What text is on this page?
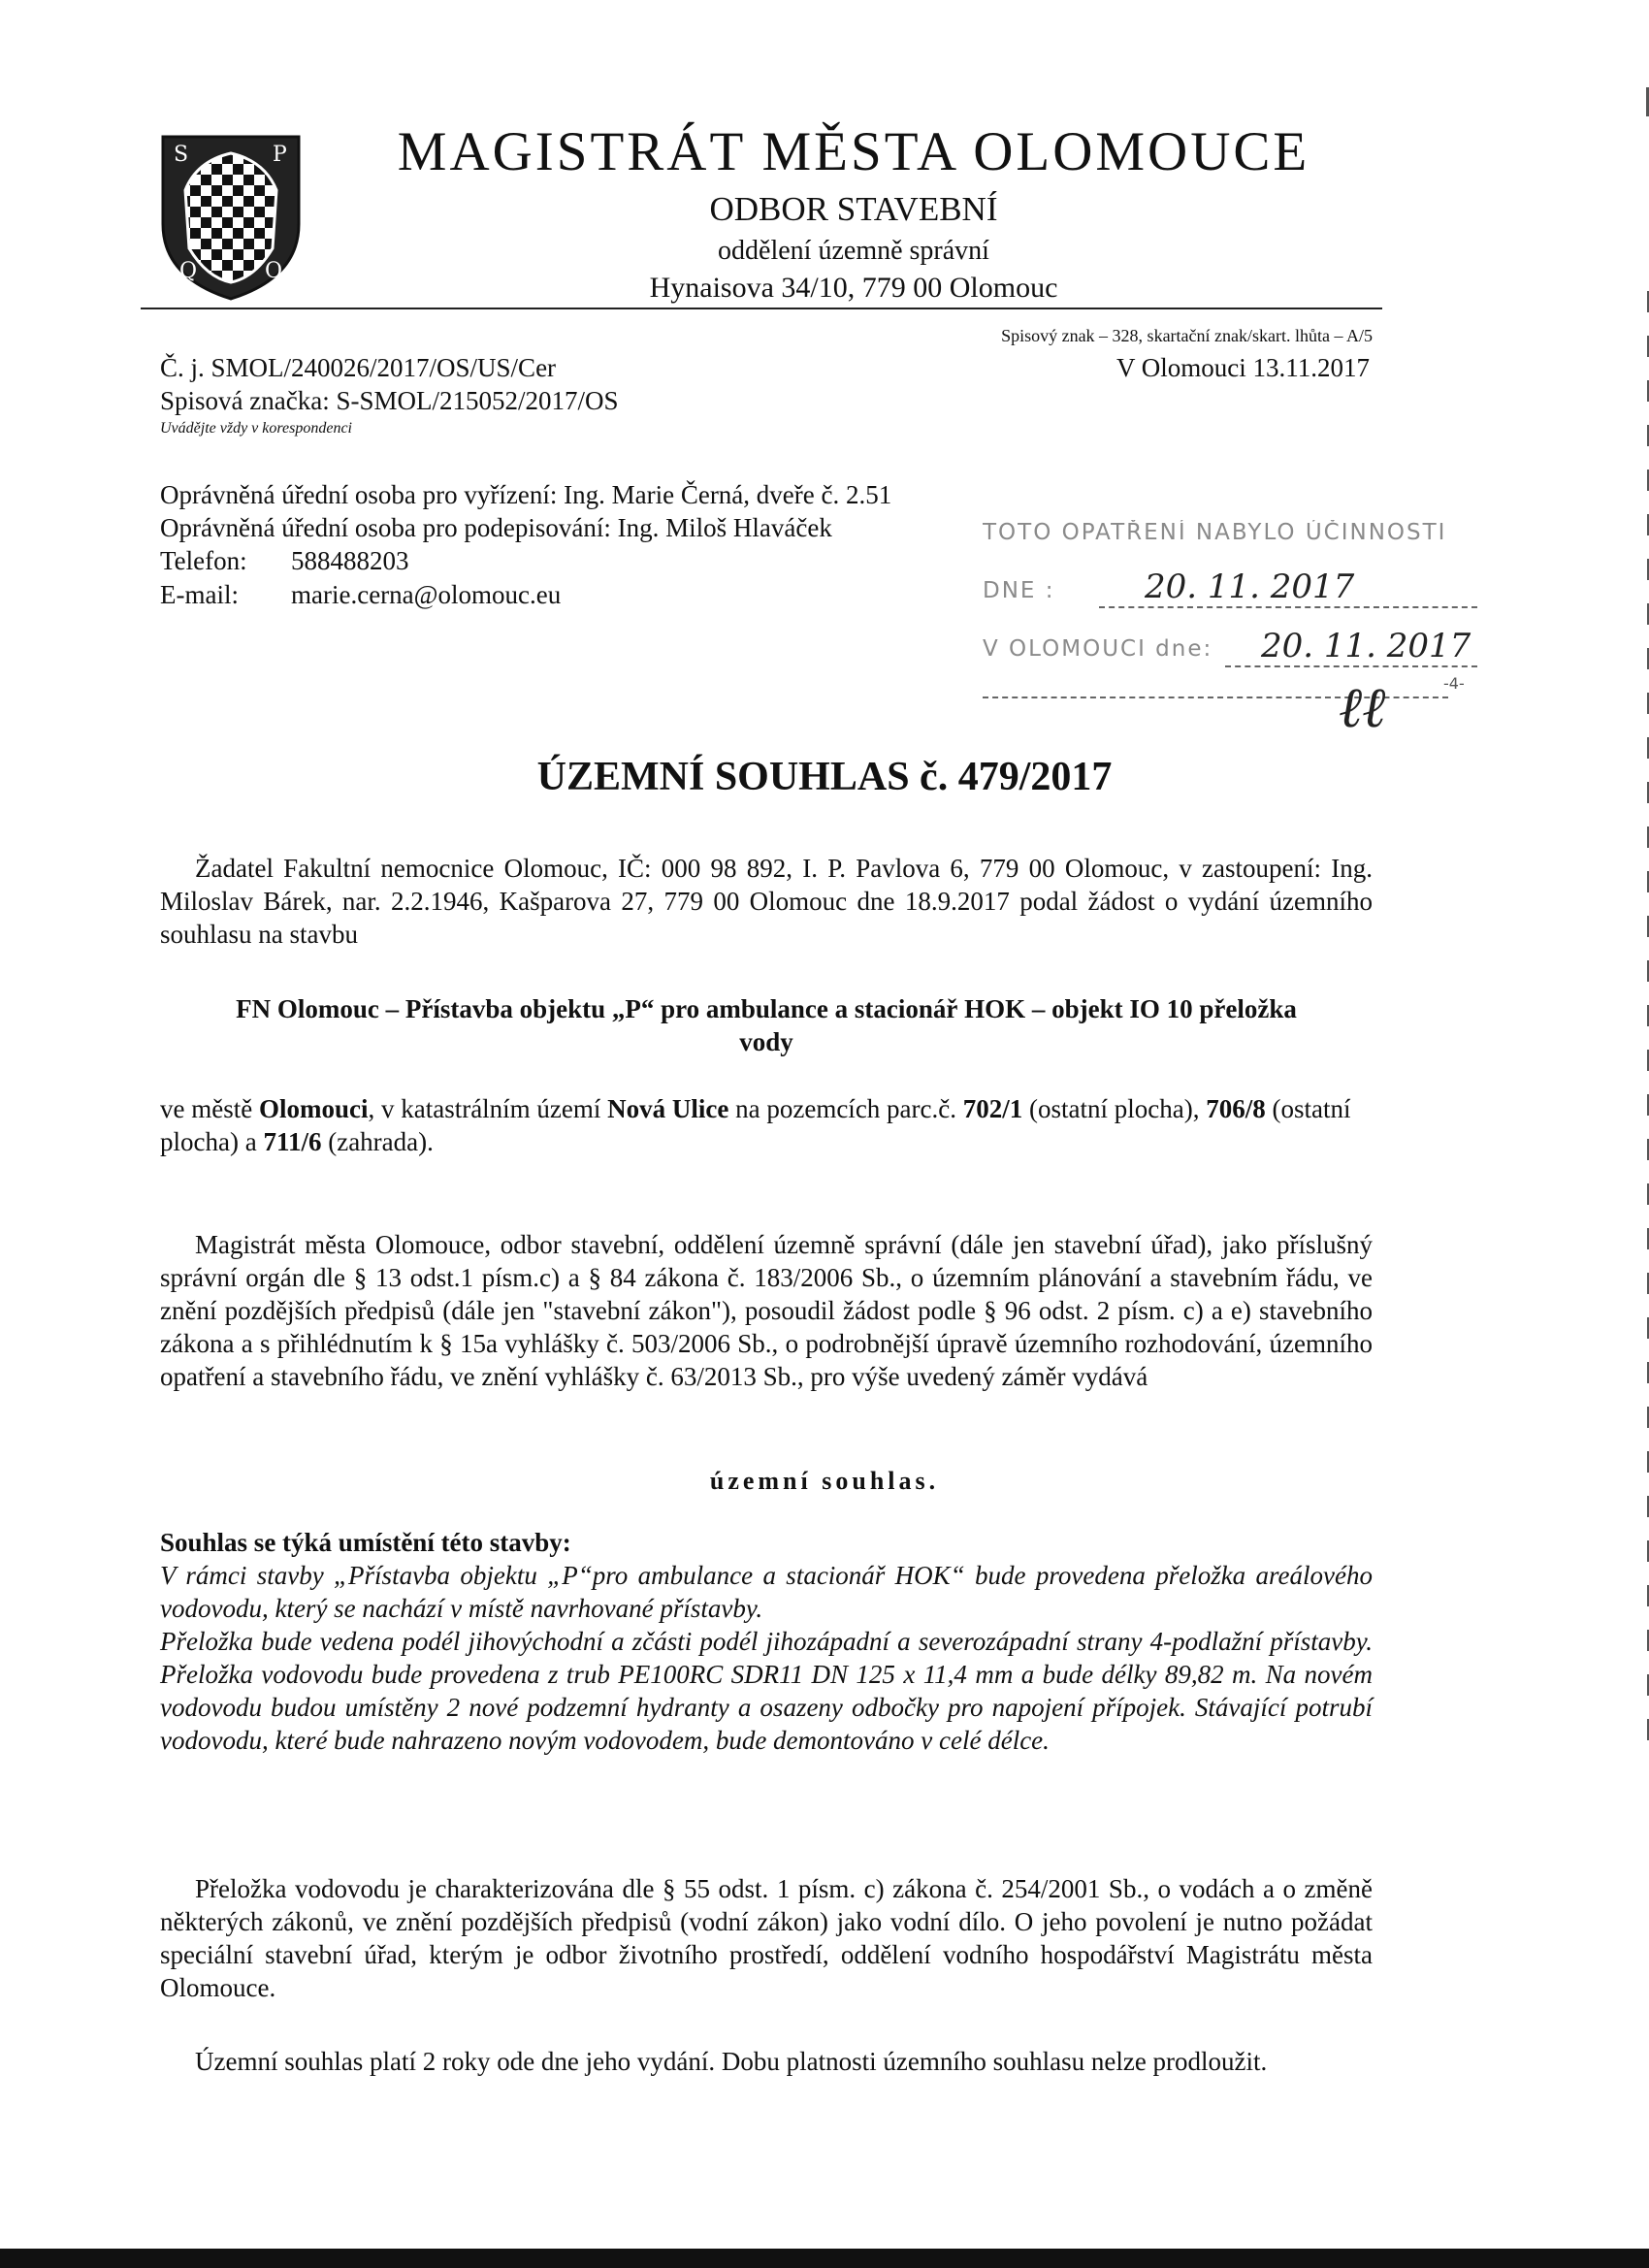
S	P
Q	O
MAGISTRÁT MĚSTA OLOMOUCE
ODBOR STAVEBNÍ
oddělení územně správní
Hynaisova 34/10, 779 00 Olomouc
Spisový znak – 328, skartační znak/skart. lhůta – A/5
Č. j. SMOL/240026/2017/OS/US/Cer	V Olomouci 13.11.2017
Spisová značka: S-SMOL/215052/2017/OS
Uvádějte vždy v korespondenci
Oprávněná úřední osoba pro vyřízení: Ing. Marie Černá, dveře č. 2.51
Oprávněná úřední osoba pro podepisování: Ing. Miloš Hlaváček
Telefon: 588488203
E-mail: marie.cerna@olomouc.eu
TOTO OPATŘENÍ NABYLO ÚČINNOSTI
DNE :	20. 11. 2017
V OLOMOUCI dne: 20. 11. 2017
-4-
ℓℓ
ÚZEMNÍ SOUHLAS č. 479/2017

Žadatel Fakultní nemocnice Olomouc, IČ: 000 98 892, I. P. Pavlova 6, 779 00 Olomouc, v zastoupení: Ing. Miloslav Bárek, nar. 2.2.1946, Kašparova 27, 779 00 Olomouc dne 18.9.2017 podal žádost o vydání územního souhlasu na stavbu

FN Olomouc – Přístavba objektu „P“ pro ambulance a stacionář HOK – objekt IO 10 přeložka
vody
ve městě Olomouci, v katastrálním území Nová Ulice na pozemcích parc.č. 702/1 (ostatní plocha), 706/8 (ostatní plocha) a 711/6 (zahrada).

Magistrát města Olomouce, odbor stavební, oddělení územně správní (dále jen stavební úřad), jako příslušný správní orgán dle § 13 odst.1 písm.c) a § 84 zákona č. 183/2006 Sb., o územním plánování a stavebním řádu, ve znění pozdějších předpisů (dále jen "stavební zákon"), posoudil žádost podle § 96 odst. 2 písm. c) a e) stavebního zákona a s přihlédnutím k § 15a vyhlášky č. 503/2006 Sb., o podrobnější úpravě územního rozhodování, územního opatření a stavebního řádu, ve znění vyhlášky č. 63/2013 Sb., pro výše uvedený záměr vydává

územní souhlas.
Souhlas se týká umístění této stavby:
V rámci stavby „Přístavba objektu „P“pro ambulance a stacionář HOK“ bude provedena přeložka areálového vodovodu, který se nachází v místě navrhované přístavby.
Přeložka bude vedena podél jihovýchodní a zčásti podél jihozápadní a severozápadní strany 4-podlažní přístavby. Přeložka vodovodu bude provedena z trub PE100RC SDR11 DN 125 x 11,4 mm a bude délky 89,82 m. Na novém vodovodu budou umístěny 2 nové podzemní hydranty a osazeny odbočky pro napojení přípojek. Stávající potrubí vodovodu, které bude nahrazeno novým vodovodem, bude demontováno v celé délce.

Přeložka vodovodu je charakterizována dle § 55 odst. 1 písm. c) zákona č. 254/2001 Sb., o vodách a o změně některých zákonů, ve znění pozdějších předpisů (vodní zákon) jako vodní dílo. O jeho povolení je nutno požádat speciální stavební úřad, kterým je odbor životního prostředí, oddělení vodního hospodářství Magistrátu města Olomouce.

Územní souhlas platí 2 roky ode dne jeho vydání. Dobu platnosti územního souhlasu nelze prodloužit.
